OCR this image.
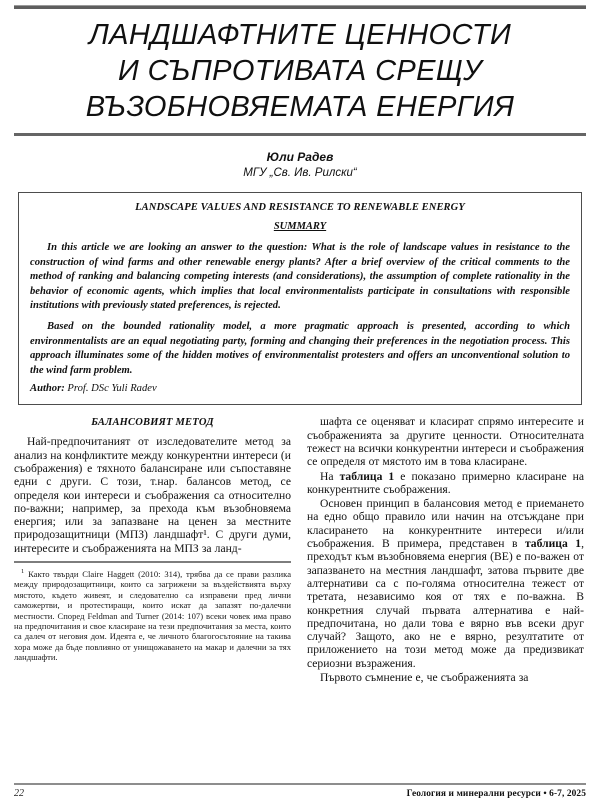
ЛАНДШАФТНИТЕ ЦЕННОСТИ
И СЪПРОТИВАТА СРЕЩУ
ВЪЗОБНОВЯЕМАТА ЕНЕРГИЯ
Юли Радев
МГУ „Св. Ив. Рилски“
LANDSCAPE VALUES AND RESISTANCE TO RENEWABLE ENERGY
SUMMARY
In this article we are looking an answer to the question: What is the role of landscape values in resistance to the construction of wind farms and other renewable energy plants? After a brief overview of the critical comments to the method of ranking and balancing competing interests (and considerations), the assumption of complete rationality in the behavior of economic agents, which implies that local environmentalists participate in consultations with responsible institutions with previously stated preferences, is rejected.
Based on the bounded rationality model, a more pragmatic approach is presented, according to which environmentalists are an equal negotiating party, forming and changing their preferences in the negotiation process. This approach illuminates some of the hidden motives of environmentalist protesters and offers an unconventional solution to the wind farm problem.
Author: Prof. DSc Yuli Radev
БАЛАНСОВИЯТ МЕТОД
Най-предпочитаният от изследователите метод за анализ на конфликтите между конкурентни интереси (и съображения) е тяхното балансиране или съпоставяне едни с други. С този, т.нар. балансов метод, се определя кои интереси и съображения са относително по-важни; например, за прехода към възобновяема енергия; или за запазване на ценен за местните природозащитници (МПЗ) ландшафт¹. С други думи, интересите и съображенията на МПЗ за ланд-
$^1$ Както твърди Claire Haggett (2010: 314), трябва да се прави разлика между природозащитници, които са загрижени за въздействията върху мястото, където живеят, и следователно са изправени пред лични саможертви, и протестиращи, които искат да запазят по-далечни местности. Според Feldman and Turner (2014: 107) всеки човек има право на предпочитания и свое класиране на тези предпочитания за места, които са далеч от неговия дом. Идеята е, че личното благогосътояние на такива хора може да бъде повлияно от унищожаването на макар и далечни за тях ландшафти.
шафта се оценяват и класират спрямо интересите и съображенията за другите ценности. Относителната тежест на всички конкурентни интереси и съображения се определя от мястото им в това класиране.
На таблица 1 е показано примерно класиране на конкурентните съображения.
Основен принцип в балансовия метод е приемането на едно общо правило или начин на отсъждане при класирането на конкурентните интереси и/или съображения. В примера, представен в таблица 1, преходът към възобновяема енергия (ВЕ) е по-важен от запазването на местния ландшафт, затова първите две алтернативи са с по-голяма относителна тежест от третата, независимо коя от тях е по-важна. В конкретния случай първата алтернатива е най-предпочитана, но дали това е вярно във всеки друг случай? Защото, ако не е вярно, резултатите от приложението на този метод може да предизвикат сериозни възражения.
Първото съмнение е, че съображенията за
22	Геология и минерални ресурси • 6-7, 2025
